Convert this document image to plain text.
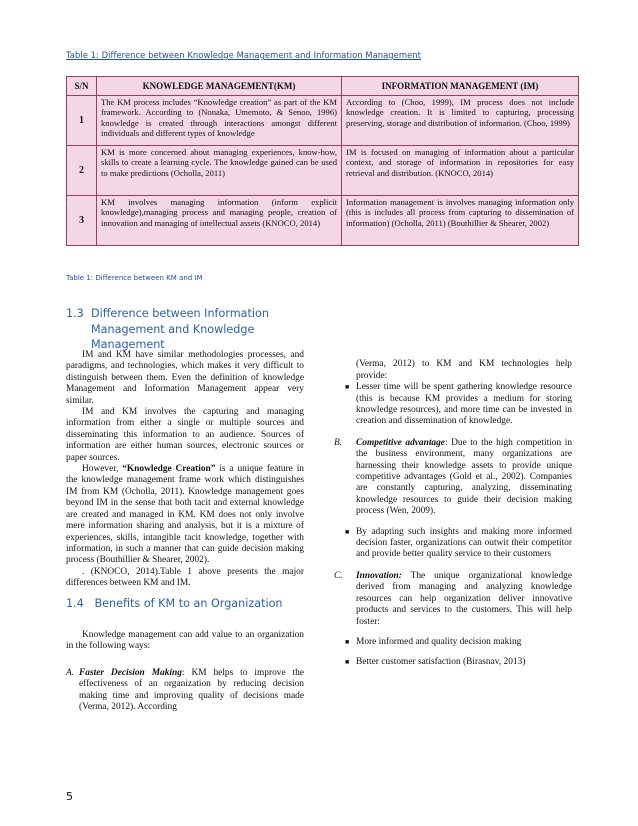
Table 1: Difference between Knowledge Management and Information Management
S/N	KNOWLEDGE MANAGEMENT(KM)	INFORMATION MANAGEMENT (IM)
1	The KM process includes “Knowledge creation” as part of the KM framework. According to (Nonaka, Umemoto, & Senoo, 1996) knowledge is created through interactions amongst different individuals and different types of knowledge	According to (Choo, 1999), IM process does not include knowledge creation. It is limited to capturing, processing preserving, storage and distribution of information. (Choo, 1999)
2	KM is more concerned about managing experiences, know-how, skills to create a learning cycle. The knowledge gained can be used to make predictions (Ocholla, 2011)	IM is focused on managing of information about a particular context, and storage of information in repositories for easy retrieval and distribution. (KNOCO, 2014)
3	KM involves managing information (inform explicit knowledge),managing process and managing people, creation of innovation and managing of intellectual assets (KNOCO, 2014)	Information management is involves managing information only (this is includes all process from capturing to dissemination of information) (Ocholla, 2011) (Bouthillier & Shearer, 2002)
Table 1: Difference between KM and IM
1.3 Difference between Information Management and Knowledge Management

IM and KM have similar methodologies processes, and paradigms, and technologies, which makes it very difficult to distinguish between them. Even the definition of knowledge Management and Information Management appear very similar.

IM and KM involves the capturing and managing information from either a single or multiple sources and disseminating this information to an audience. Sources of information are either human sources, electronic sources or paper sources.

However, “Knowledge Creation” is a unique feature in the knowledge management frame work which distinguishes IM from KM (Ocholla, 2011). Knowledge management goes beyond IM in the sense that both tacit and external knowledge are created and managed in KM. KM does not only involve mere information sharing and analysis, but it is a mixture of experiences, skills, intangible tacit knowledge, together with information, in such a manner that can guide decision making process (Bouthillier & Shearer, 2002).

. (KNOCO, 2014).Table 1 above presents the major differences between KM and IM.

1.4 Benefits of KM to an Organization

Knowledge management can add value to an organization in the following ways:

A. Faster Decision Making: KM helps to improve the effectiveness of an organization by reducing decision making time and improving quality of decisions made (Verma, 2012). According

(Verma, 2012) to KM and KM technologies help provide:

■ Lesser time will be spent gathering knowledge resource (this is because KM provides a medium for storing knowledge resources), and more time can be invested in creation and dissemination of knowledge.
B. Competitive advantage: Due to the high competition in the business environment, many organizations are harnessing their knowledge assets to provide unique competitive advantages (Gold et al., 2002). Companies are constantly capturing, analyzing, disseminating knowledge resources to guide their decision making process (Wen, 2009).
■ By adapting such insights and making more informed decision faster, organizations can outwit their competitor and provide better quality service to their customers
C. Innovation: The unique organizational knowledge derived from managing and analyzing knowledge resources can help organization deliver innovative products and services to the customers. This will help foster:
■ More informed and quality decision making
■ Better customer satisfaction (Birasnav, 2013)
5
